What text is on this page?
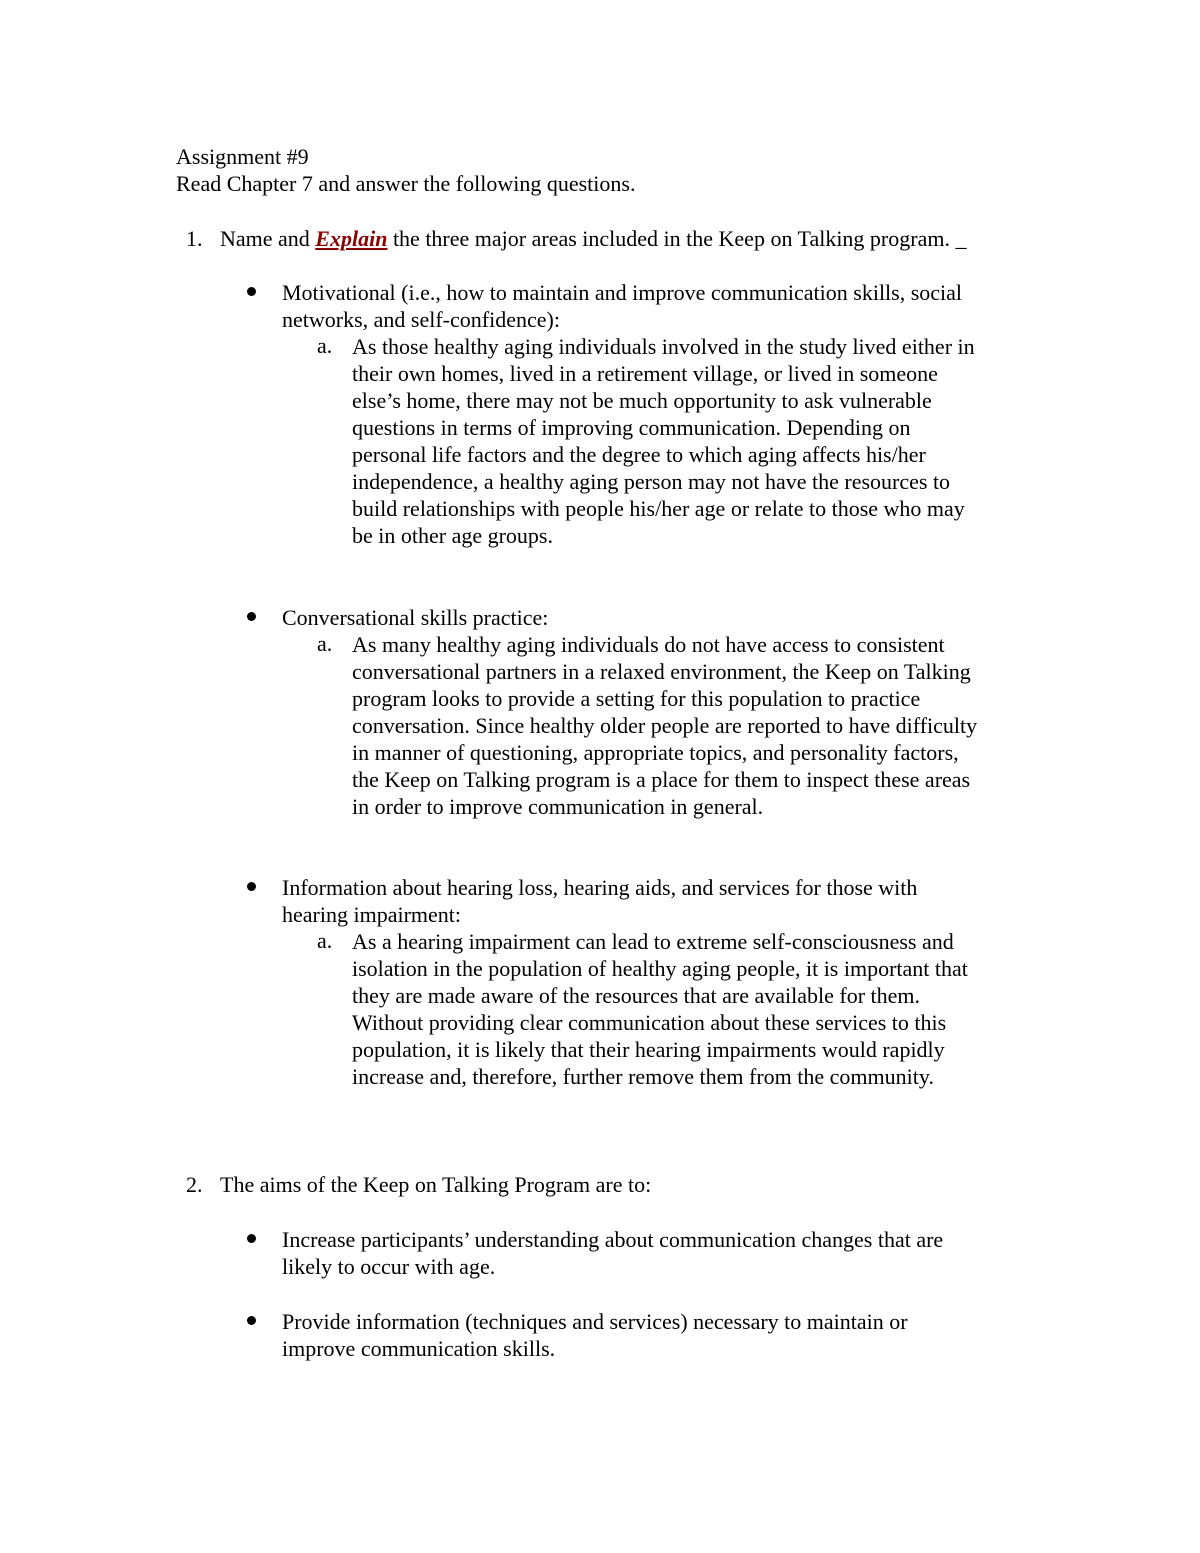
Assignment #9
Read Chapter 7 and answer the following questions.
1. Name and Explain the three major areas included in the Keep on Talking program. _
Motivational (i.e., how to maintain and improve communication skills, social
networks, and self-confidence):
a. As those healthy aging individuals involved in the study lived either in
their own homes, lived in a retirement village, or lived in someone
else’s home, there may not be much opportunity to ask vulnerable
questions in terms of improving communication. Depending on
personal life factors and the degree to which aging affects his/her
independence, a healthy aging person may not have the resources to
build relationships with people his/her age or relate to those who may
be in other age groups.
Conversational skills practice:
a. As many healthy aging individuals do not have access to consistent
conversational partners in a relaxed environment, the Keep on Talking
program looks to provide a setting for this population to practice
conversation. Since healthy older people are reported to have difficulty
in manner of questioning, appropriate topics, and personality factors,
the Keep on Talking program is a place for them to inspect these areas
in order to improve communication in general.
Information about hearing loss, hearing aids, and services for those with
hearing impairment:
a. As a hearing impairment can lead to extreme self-consciousness and
isolation in the population of healthy aging people, it is important that
they are made aware of the resources that are available for them.
Without providing clear communication about these services to this
population, it is likely that their hearing impairments would rapidly
increase and, therefore, further remove them from the community.
2. The aims of the Keep on Talking Program are to:
Increase participants’ understanding about communication changes that are
likely to occur with age.
Provide information (techniques and services) necessary to maintain or
improve communication skills.
